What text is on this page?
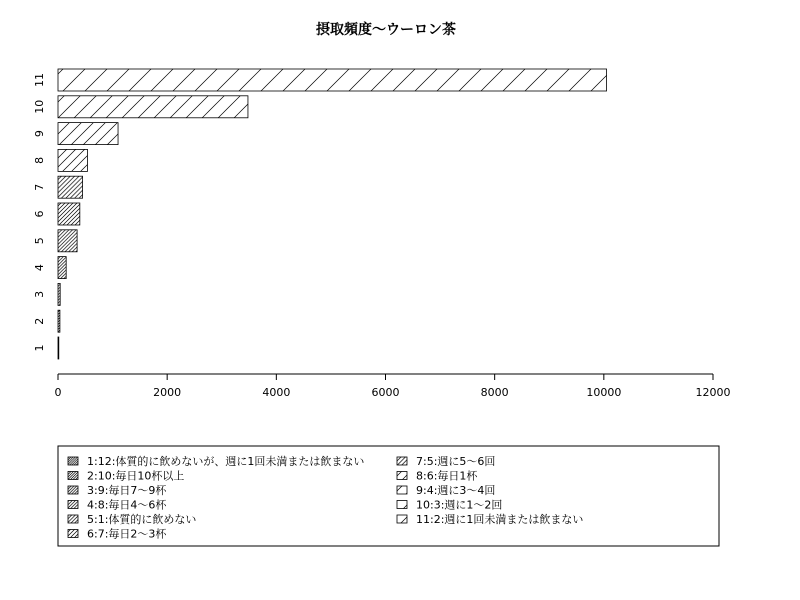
摂取頻度～ウーロン茶
1
2
3
4
5
6
7
8
9
10
11
0	2000	4000	6000	8000	10000	12000
1:12:体質的に飲めないが、週に1回未満または飲まない
2:10:毎日10杯以上
3:9:毎日7～9杯
4:8:毎日4～6杯
5:1:体質的に飲めない
6:7:毎日2～3杯
7:5:週に5～6回
8:6:毎日1杯
9:4:週に3～4回
10:3:週に1～2回
11:2:週に1回未満または飲まない
